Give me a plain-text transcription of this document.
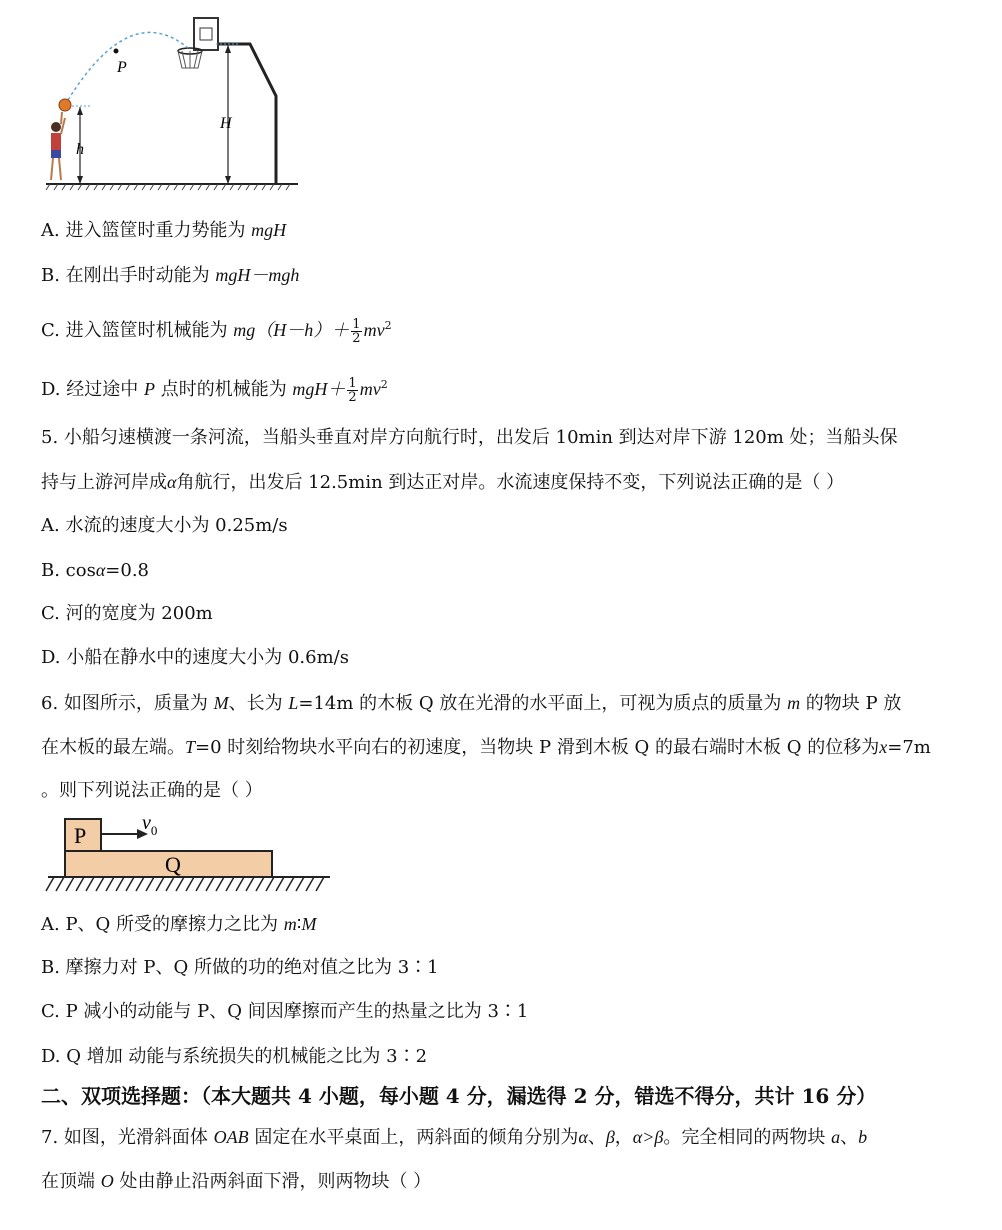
P
H
h
A. 进入篮筐时重力势能为 mgH
B. 在刚出手时动能为 mgH－mgh
C. 进入篮筐时机械能为 $mg(H-h)+ \frac{1}{2} mv^2$
D. 经过途中 P 点时的机械能为 $mgH+ \frac{1}{2} mv^2$
5. 小船匀速横渡一条河流，当船头垂直对岸方向航行时，出发后 10min 到达对岸下游 120m 处；当船头保
持与上游河岸成α角航行，出发后 12.5min 到达正对岸。水流速度保持不变，下列说法正确的是（ ）
A. 水流的速度大小为 0.25m/s
B. cosα=0.8
C. 河的宽度为 200m
D. 小船在静水中的速度大小为 0.6m/s
6. 如图所示，质量为 M、长为 L=14m 的木板 Q 放在光滑的水平面上，可视为质点的质量为 m 的物块 P 放
在木板的最左端。T=0 时刻给物块水平向右的初速度，当物块 P 滑到木板 Q 的最右端时木板 Q 的位移为x=7m
。则下列说法正确的是（ ）
P
Q
$v_0$
A. P、Q 所受的摩擦力之比为 m∶M
B. 摩擦力对 P、Q 所做的功的绝对值之比为 3∶1
C. P 减小的动能与 P、Q 间因摩擦而产生的热量之比为 3∶1
D. Q 增加 动能与系统损失的机械能之比为 3∶2
二、双项选择题：（本大题共 4 小题，每小题 4 分，漏选得 2 分，错选不得分，共计 16 分）
7. 如图，光滑斜面体 OAB 固定在水平桌面上，两斜面的倾角分别为α、β，α>β。完全相同的两物块 a、b
在顶端 O 处由静止沿两斜面下滑，则两物块（ ）
